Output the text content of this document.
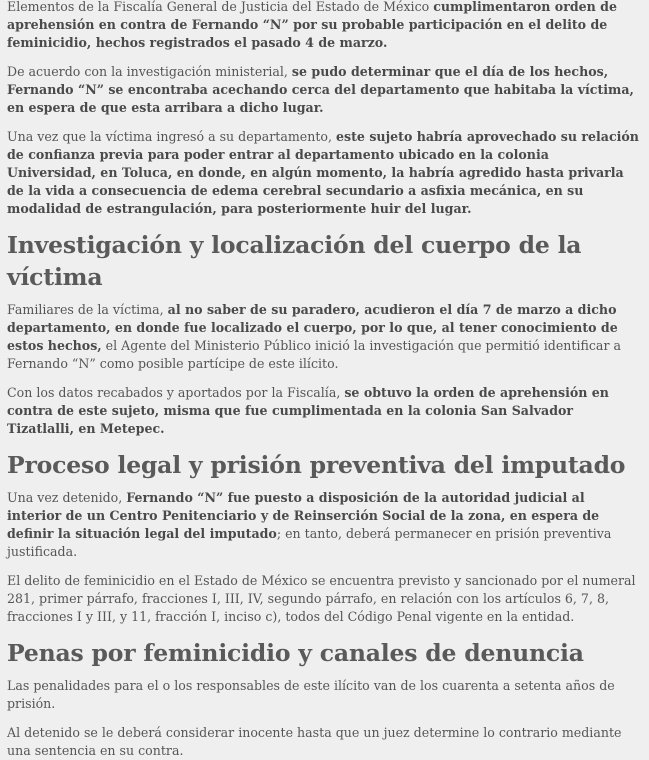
Elementos de la Fiscalía General de Justicia del Estado de México cumplimentaron orden de aprehensión en contra de Fernando “N” por su probable participación en el delito de feminicidio, hechos registrados el pasado 4 de marzo.

De acuerdo con la investigación ministerial, se pudo determinar que el día de los hechos, Fernando “N” se encontraba acechando cerca del departamento que habitaba la víctima, en espera de que esta arribara a dicho lugar.

Una vez que la víctima ingresó a su departamento, este sujeto habría aprovechado su relación de confianza previa para poder entrar al departamento ubicado en la colonia Universidad, en Toluca, en donde, en algún momento, la habría agredido hasta privarla de la vida a consecuencia de edema cerebral secundario a asfixia mecánica, en su modalidad de estrangulación, para posteriormente huir del lugar.

Investigación y localización del cuerpo de la víctima

Familiares de la víctima, al no saber de su paradero, acudieron el día 7 de marzo a dicho departamento, en donde fue localizado el cuerpo, por lo que, al tener conocimiento de estos hechos, el Agente del Ministerio Público inició la investigación que permitió identificar a Fernando “N” como posible partícipe de este ilícito.

Con los datos recabados y aportados por la Fiscalía, se obtuvo la orden de aprehensión en contra de este sujeto, misma que fue cumplimentada en la colonia San Salvador Tizatlalli, en Metepec.

Proceso legal y prisión preventiva del imputado

Una vez detenido, Fernando “N” fue puesto a disposición de la autoridad judicial al interior de un Centro Penitenciario y de Reinserción Social de la zona, en espera de definir la situación legal del imputado; en tanto, deberá permanecer en prisión preventiva justificada.

El delito de feminicidio en el Estado de México se encuentra previsto y sancionado por el numeral 281, primer párrafo, fracciones I, III, IV, segundo párrafo, en relación con los artículos 6, 7, 8, fracciones I y III, y 11, fracción I, inciso c), todos del Código Penal vigente en la entidad.

Penas por feminicidio y canales de denuncia

Las penalidades para el o los responsables de este ilícito van de los cuarenta a setenta años de prisión.

Al detenido se le deberá considerar inocente hasta que un juez determine lo contrario mediante una sentencia en su contra.
